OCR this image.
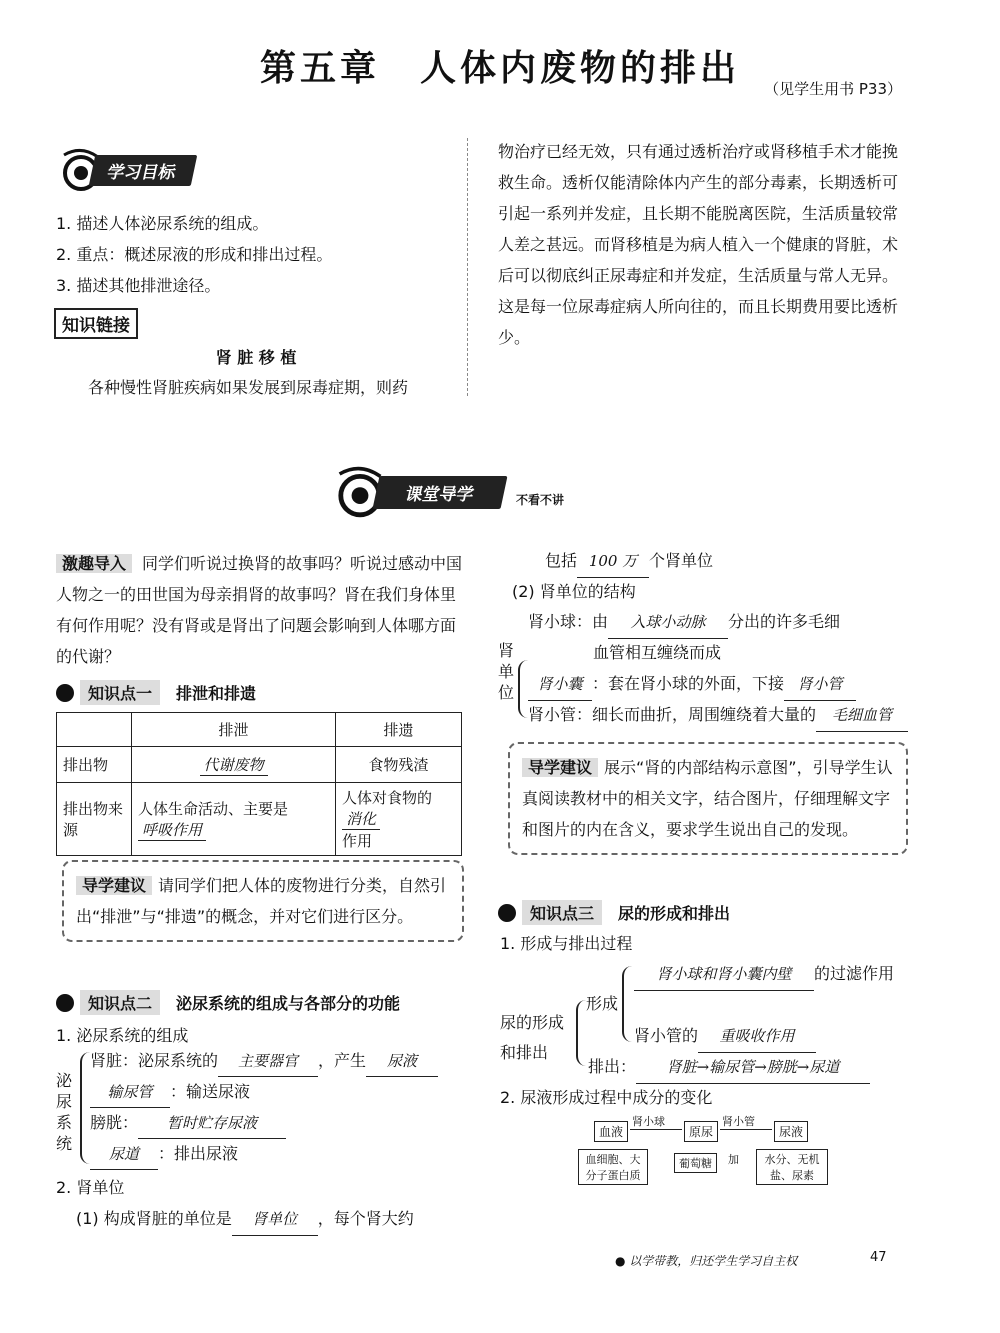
第五章　人体内废物的排出	（见学生用书 P33）
学习目标
1. 描述人体泌尿系统的组成。
2. 重点：概述尿液的形成和排出过程。
3. 描述其他排泄途径。
知识链接
肾 脏 移 植
各种慢性肾脏疾病如果发展到尿毒症期，则药
物治疗已经无效，只有通过透析治疗或肾移植手术才能挽救生命。透析仅能清除体内产生的部分毒素，长期透析可引起一系列并发症，且长期不能脱离医院，生活质量较常人差之甚远。而肾移植是为病人植入一个健康的肾脏，术后可以彻底纠正尿毒症和并发症，生活质量与常人无异。这是每一位尿毒症病人所向往的，而且长期费用要比透析少。
课堂导学	不看不讲
激趣导入 同学们听说过换肾的故事吗？听说过感动中国人物之一的田世国为母亲捐肾的故事吗？肾在我们身体里有何作用呢？没有肾或是肾出了问题会影响到人体哪方面的代谢？
知识点一	排泄和排遗
	排泄	排遗
排出物	代谢废物	食物残渣
排出物来源	人体生命活动、主要是呼吸作用	人体对食物的消化
作用
导学建议 请同学们把人体的废物进行分类，自然引出“排泄”与“排遗”的概念，并对它们进行区分。
知识点二	泌尿系统的组成与各部分的功能
1. 泌尿系统的组成
泌尿系统
肾脏：泌尿系统的 主要器官 ，产生 尿液
输尿管 ：输送尿液
膀胱： 暂时贮存尿液
尿道 ：排出尿液
2. 肾单位
(1) 构成肾脏的单位是 肾单位 ，每个肾大约
包括 100 万 个肾单位
(2) 肾单位的结构
肾小球：由 入球小动脉 分出的许多毛细
血管相互缠绕而成
肾单位	肾小囊 ：套在肾小球的外面，下接 肾小管
肾小管：细长而曲折，周围缠绕着大量的 毛细血管
导学建议 展示“肾的内部结构示意图”，引导学生认真阅读教材中的相关文字，结合图片，仔细理解文字和图片的内在含义，要求学生说出自己的发现。
知识点三	尿的形成和排出
1. 形成与排出过程
尿的形成和排出
形成
肾小球和肾小囊内壁 的过滤作用
肾小管的 重吸收作用
排出： 肾脏→输尿管→膀胱→尿道
2. 尿液形成过程中成分的变化
血液
肾小球
原尿
肾小管
尿液
血细胞、大分子蛋白质
葡萄糖	加	水分、无机盐、尿素
● 以学带教，归还学生学习自主权	47
